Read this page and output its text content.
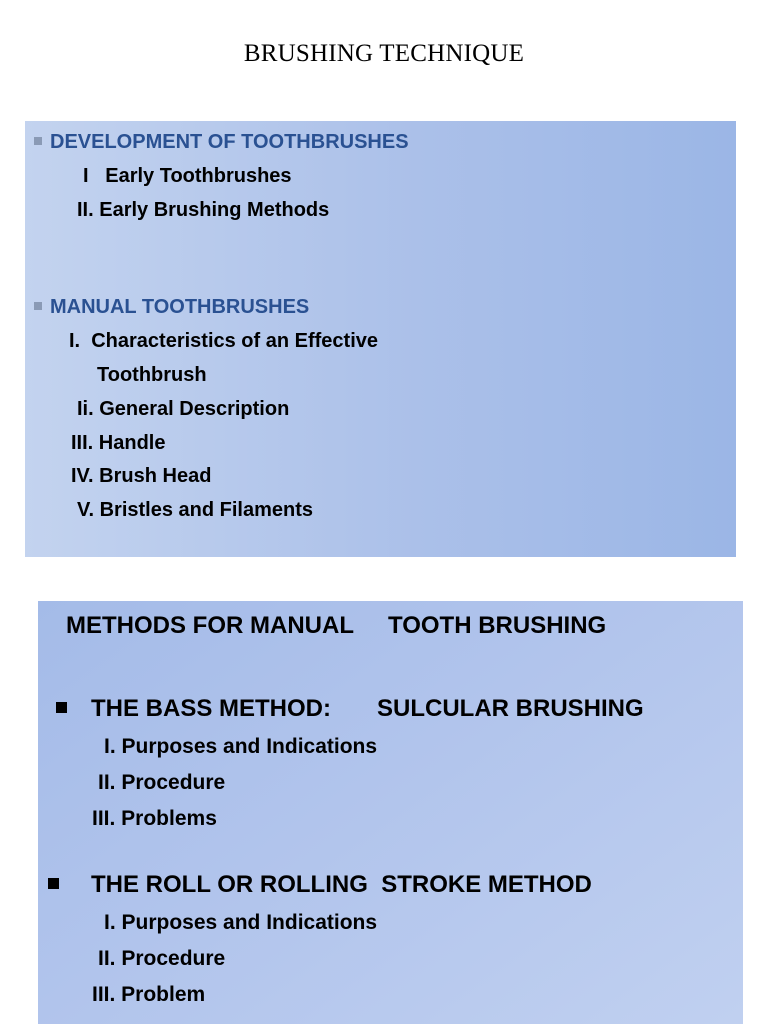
BRUSHING TECHNIQUE
DEVELOPMENT OF TOOTHBRUSHES
I   Early Toothbrushes
II. Early Brushing Methods
MANUAL TOOTHBRUSHES
I.  Characteristics of an Effective
Toothbrush
Ii. General Description
III. Handle
IV. Brush Head
V. Bristles and Filaments
METHODS FOR MANUAL TOOTH BRUSHING
THE BASS METHOD: SULCULAR BRUSHING
I. Purposes and Indications
II. Procedure
III. Problems
THE ROLL OR ROLLING  STROKE METHOD
I. Purposes and Indications
II. Procedure
III. Problem
